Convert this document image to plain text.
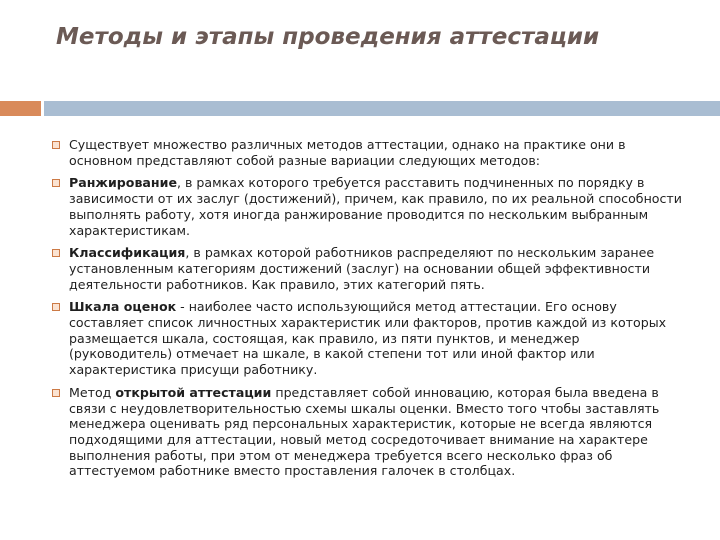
Методы и этапы проведения аттестации
Существует множество различных методов аттестации, однако на практике они в основном представляют собой разные вариации следующих методов:
Ранжирование, в рамках которого требуется расставить подчиненных по порядку в зависимости от их заслуг (достижений), причем, как правило, по их реальной способности выполнять работу, хотя иногда ранжирование проводится по нескольким выбранным характеристикам.
Классификация, в рамках которой работников распределяют по нескольким заранее установленным категориям достижений (заслуг) на основании общей эффективности деятельности работников. Как правило, этих категорий пять.
Шкала оценок - наиболее часто использующийся метод аттестации. Его основу составляет список личностных характеристик или факторов, против каждой из которых размещается шкала, состоящая, как правило, из пяти пунктов, и менеджер (руководитель) отмечает на шкале, в какой степени тот или иной фактор или характеристика присущи работнику.
Метод открытой аттестации представляет собой инновацию, которая была введена в связи с неудовлетворительностью схемы шкалы оценки. Вместо того чтобы заставлять менеджера оценивать ряд персональных характеристик, которые не всегда являются подходящими для аттестации, новый метод сосредоточивает внимание на характере выполнения работы, при этом от менеджера требуется всего несколько фраз об аттестуемом работнике вместо проставления галочек в столбцах.
